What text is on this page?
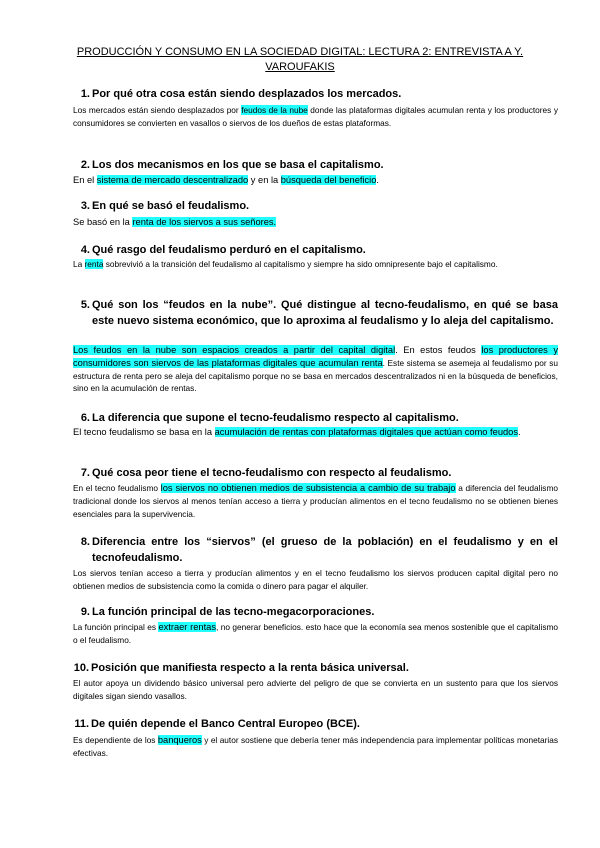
PRODUCCIÓN Y CONSUMO EN LA SOCIEDAD DIGITAL: LECTURA 2: ENTREVISTA A Y. VAROUFAKIS
1. Por qué otra cosa están siendo desplazados los mercados.
Los mercados están siendo desplazados por feudos de la nube donde las plataformas digitales acumulan renta y los productores y consumidores se convierten en vasallos o siervos de los dueños de estas plataformas.
2. Los dos mecanismos en los que se basa el capitalismo.
En el sistema de mercado descentralizado y en la búsqueda del beneficio.
3. En qué se basó el feudalismo.
Se basó en la renta de los siervos a sus señores.
4. Qué rasgo del feudalismo perduró en el capitalismo.
La renta sobrevivió a la transición del feudalismo al capitalismo y siempre ha sido omnipresente bajo el capitalismo.
5. Qué son los “feudos en la nube”. Qué distingue al tecno-feudalismo, en qué se basa este nuevo sistema económico, que lo aproxima al feudalismo y lo aleja del capitalismo.
Los feudos en la nube son espacios creados a partir del capital digital. En estos feudos los productores y consumidores son siervos de las plataformas digitales que acumulan renta. Este sistema se asemeja al feudalismo por su estructura de renta pero se aleja del capitalismo porque no se basa en mercados descentralizados ni en la búsqueda de beneficios, sino en la acumulación de rentas.
6. La diferencia que supone el tecno-feudalismo respecto al capitalismo.
El tecno feudalismo se basa en la acumulación de rentas con plataformas digitales que actúan como feudos.
7. Qué cosa peor tiene el tecno-feudalismo con respecto al feudalismo.
En el tecno feudalismo los siervos no obtienen medios de subsistencia a cambio de su trabajo a diferencia del feudalismo tradicional donde los siervos al menos tenían acceso a tierra y producían alimentos en el tecno feudalismo no se obtienen bienes esenciales para la supervivencia.
8. Diferencia entre los “siervos” (el grueso de la población) en el feudalismo y en el tecnofeudalismo.
Los siervos tenían acceso a tierra y producían alimentos y en el tecno feudalismo los siervos producen capital digital pero no obtienen medios de subsistencia como la comida o dinero para pagar el alquiler.
9. La función principal de las tecno-megacorporaciones.
La función principal es extraer rentas, no generar beneficios. esto hace que la economía sea menos sostenible que el capitalismo o el feudalismo.
10. Posición que manifiesta respecto a la renta básica universal.
El autor apoya un dividendo básico universal pero advierte del peligro de que se convierta en un sustento para que los siervos digitales sigan siendo vasallos.
11. De quién depende el Banco Central Europeo (BCE).
Es dependiente de los banqueros y el autor sostiene que debería tener más independencia para implementar políticas monetarias efectivas.
